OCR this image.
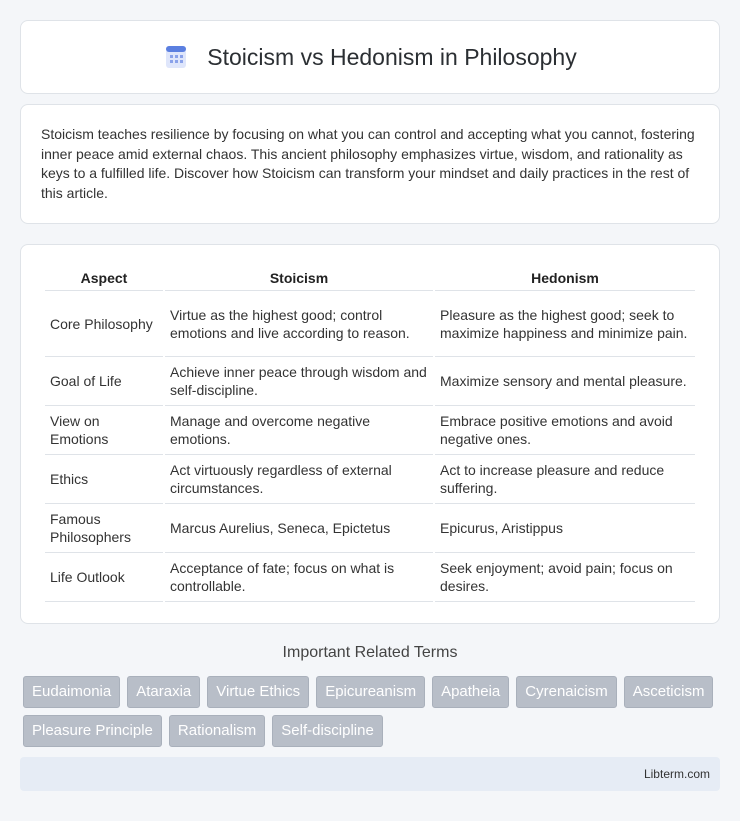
Stoicism vs Hedonism in Philosophy

Stoicism teaches resilience by focusing on what you can control and accepting what you cannot, fostering inner peace amid external chaos. This ancient philosophy emphasizes virtue, wisdom, and rationality as keys to a fulfilled life. Discover how Stoicism can transform your mindset and daily practices in the rest of this article.

Aspect	Stoicism	Hedonism
Core Philosophy	Virtue as the highest good; control emotions and live according to reason.	Pleasure as the highest good; seek to maximize happiness and minimize pain.
Goal of Life	Achieve inner peace through wisdom and self-discipline.	Maximize sensory and mental pleasure.
View on Emotions	Manage and overcome negative emotions.	Embrace positive emotions and avoid negative ones.
Ethics	Act virtuously regardless of external circumstances.	Act to increase pleasure and reduce suffering.
Famous Philosophers	Marcus Aurelius, Seneca, Epictetus	Epicurus, Aristippus
Life Outlook	Acceptance of fate; focus on what is controllable.	Seek enjoyment; avoid pain; focus on desires.
Important Related Terms
Eudaimonia	Ataraxia	Virtue Ethics	Epicureanism	Apatheia	Cyrenaicism	Asceticism
Pleasure Principle	Rationalism	Self-discipline
Libterm.com
